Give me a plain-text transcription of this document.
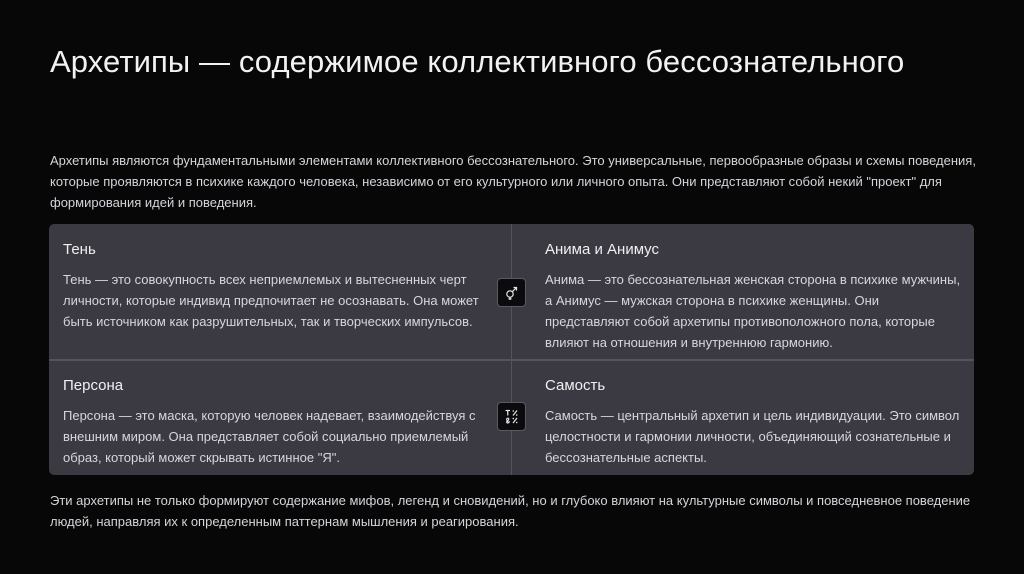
Архетипы — содержимое коллективного бессознательного

Архетипы являются фундаментальными элементами коллективного бессознательного. Это универсальные, первообразные образы и схемы поведения, которые проявляются в психике каждого человека, независимо от его культурного или личного опыта. Они представляют собой некий "проект" для формирования идей и поведения.

Тень

Тень — это совокупность всех неприемлемых и вытесненных черт личности, которые индивид предпочитает не осознавать. Она может быть источником как разрушительных, так и творческих импульсов.

Анима и Анимус

Анима — это бессознательная женская сторона в психике мужчины, а Анимус — мужская сторона в психике женщины. Они представляют собой архетипы противоположного пола, которые влияют на отношения и внутреннюю гармонию.

Персона

Персона — это маска, которую человек надевает, взаимодействуя с внешним миром. Она представляет собой социально приемлемый образ, который может скрывать истинное "Я".

Самость

Самость — центральный архетип и цель индивидуации. Это символ целостности и гармонии личности, объединяющий сознательные и бессознательные аспекты.

Эти архетипы не только формируют содержание мифов, легенд и сновидений, но и глубоко влияют на культурные символы и повседневное поведение людей, направляя их к определенным паттернам мышления и реагирования.
